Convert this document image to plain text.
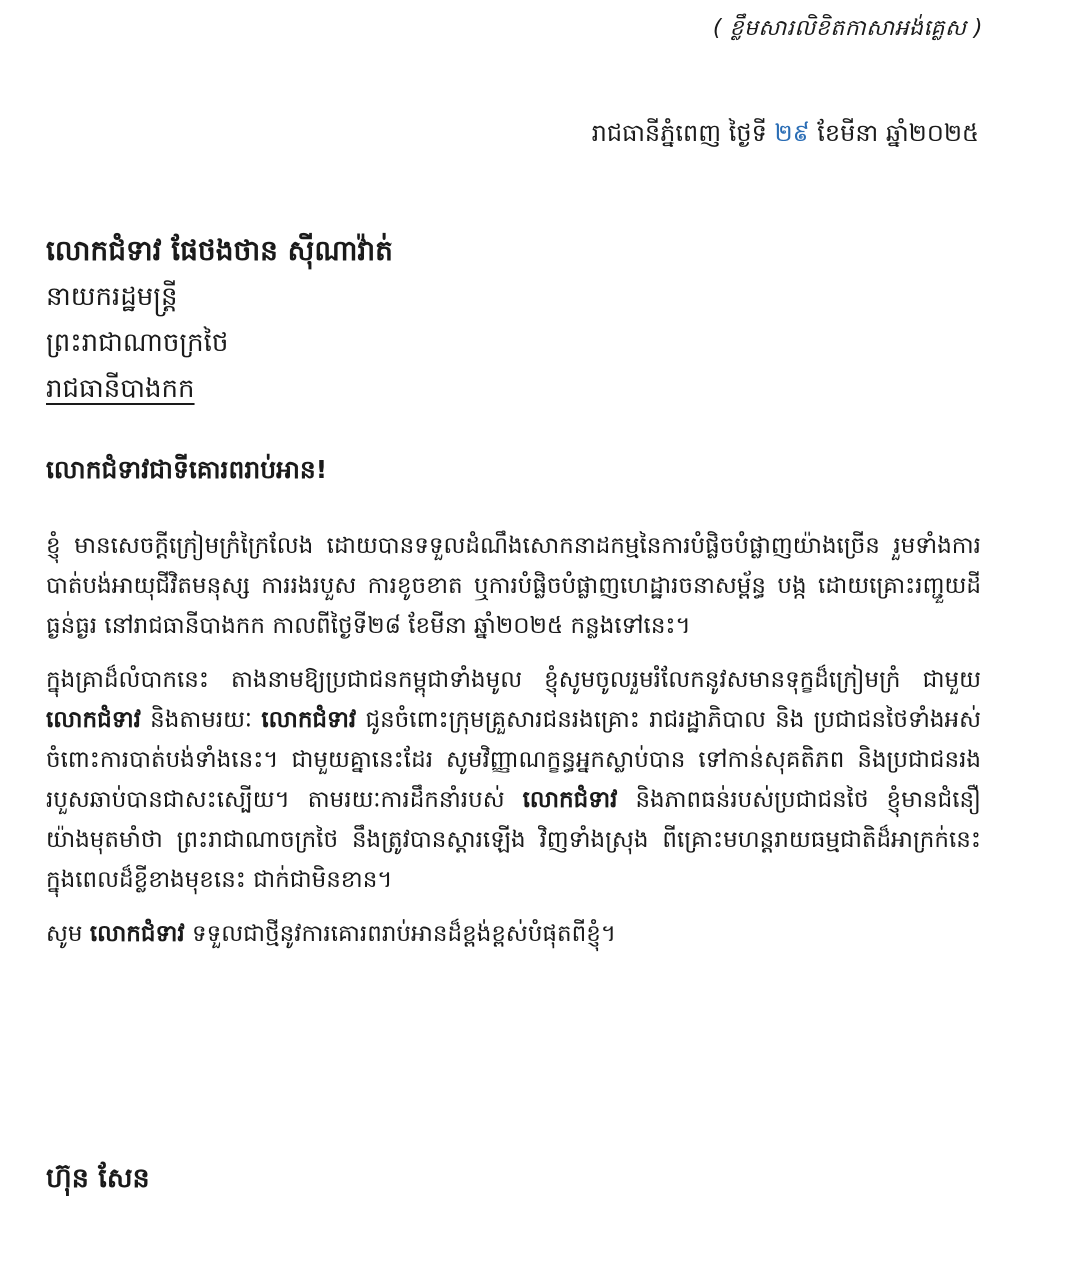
( ខ្លឹមសារលិខិតកាសាអង់គ្លេស )
រាជធានីភ្នំពេញ ថ្ងៃទី ២៩ ខែមីនា ឆ្នាំ២០២៥
លោកជំទាវ ផែថងថាន ស៊ីណាវ៉ាត់
នាយករដ្ឋមន្ត្រី
ព្រះរាជាណាចក្រថៃ
រាជធានីបាងកក
លោកជំទាវជាទីគោរពរាប់អាន!

ខ្ញុំ មានសេចក្ដីក្រៀមក្រំក្រៃលែង ដោយបានទទួលដំណឹងសោកនាដកម្មនៃការបំផ្លិចបំផ្លាញយ៉ាងច្រើន រួមទាំងការបាត់បង់អាយុជីវិតមនុស្ស ការរងរបួស ការខូចខាត ឬការបំផ្លិចបំផ្លាញហេដ្ឋារចនាសម្ព័ន្ធ បង្ក ដោយគ្រោះរញ្ជួយដីធ្ងន់ធ្ងរ នៅរាជធានីបាងកក កាលពីថ្ងៃទី២៨ ខែមីនា ឆ្នាំ២០២៥ កន្លងទៅនេះ។

ក្នុងគ្រាដ៏លំបាកនេះ តាងនាមឱ្យប្រជាជនកម្ពុជាទាំងមូល ខ្ញុំសូមចូលរួមរំលែកនូវសមានទុក្ខដ៏ក្រៀមក្រំ ជាមួយ លោកជំទាវ និងតាមរយៈ លោកជំទាវ ជូនចំពោះក្រុមគ្រួសារជនរងគ្រោះ រាជរដ្ឋាភិបាល និង ប្រជាជនថៃទាំងអស់ ចំពោះការបាត់បង់ទាំងនេះ។ ជាមួយគ្នានេះដែរ សូមវិញ្ញាណក្ខន្ធអ្នកស្លាប់បាន ទៅកាន់សុគតិភព និងប្រជាជនរងរបួសឆាប់បានជាសះស្បើយ។ តាមរយៈការដឹកនាំរបស់ លោកជំទាវ និងភាពធន់របស់ប្រជាជនថៃ ខ្ញុំមានជំនឿយ៉ាងមុតមាំថា ព្រះរាជាណាចក្រថៃ នឹងត្រូវបានស្តារឡើង វិញទាំងស្រុង ពីគ្រោះមហន្តរាយធម្មជាតិដ៏អាក្រក់នេះ ក្នុងពេលដ៏ខ្លីខាងមុខនេះ ជាក់ជាមិនខាន។

សូម លោកជំទាវ ទទួលជាថ្មីនូវការគោរពរាប់អានដ៏ខ្ពង់ខ្ពស់បំផុតពីខ្ញុំ។

ហ៊ុន សែន
